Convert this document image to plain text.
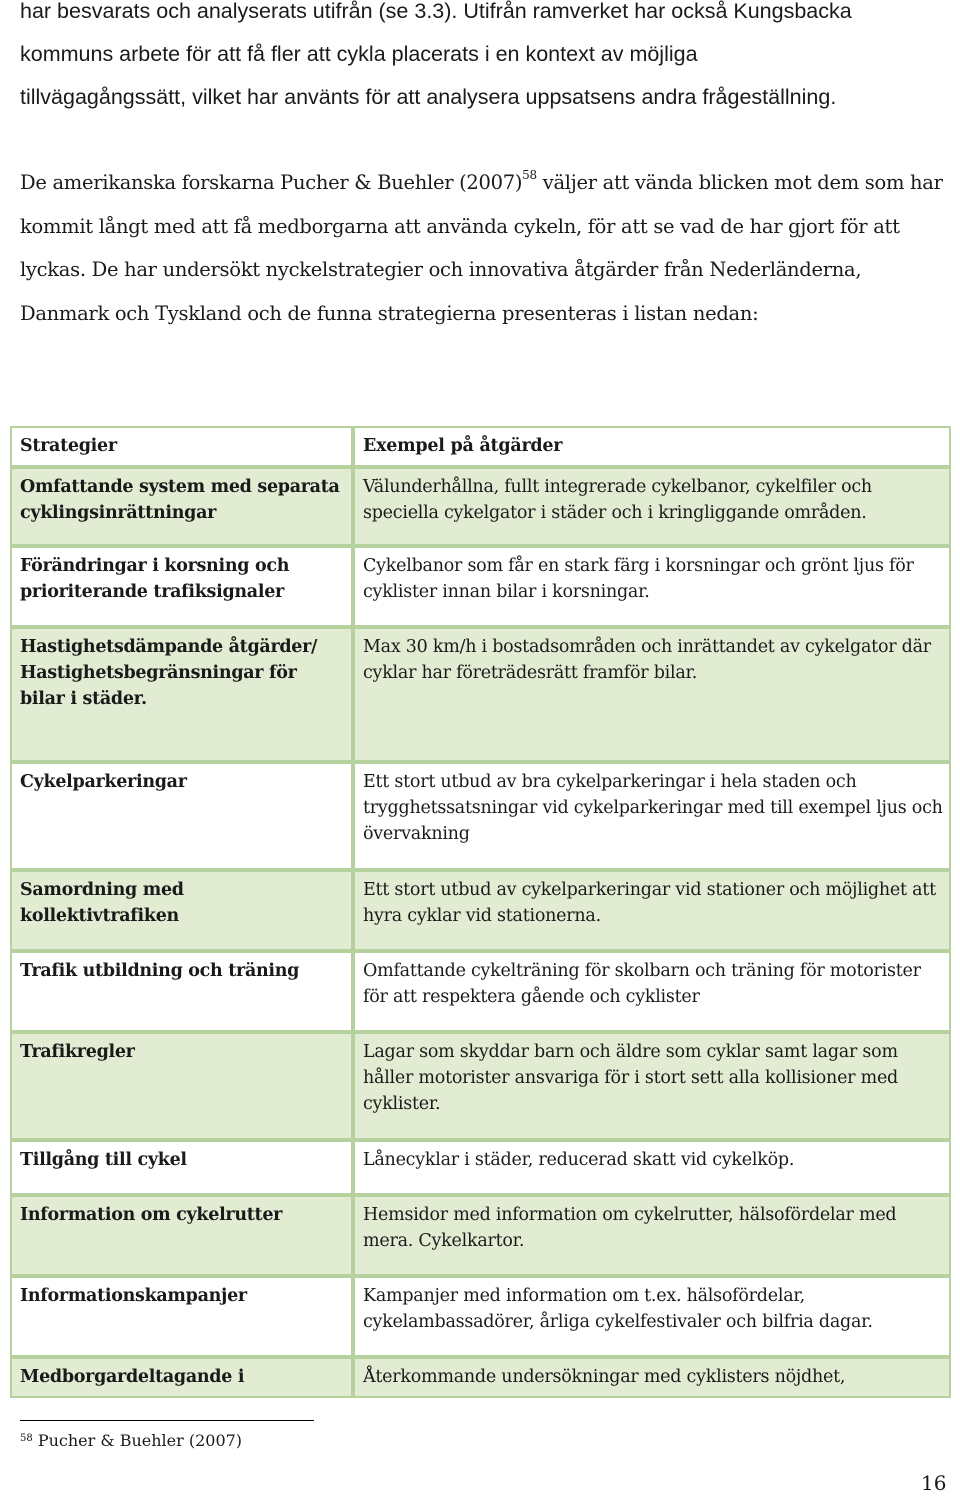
har besvarats och analyserats utifrån (se 3.3). Utifrån ramverket har också Kungsbacka

kommuns arbete för att få fler att cykla placerats i en kontext av möjliga

tillvägagångssätt, vilket har använts för att analysera uppsatsens andra frågeställning.

De amerikanska forskarna Pucher & Buehler $(2007)^{58}$ väljer att vända blicken mot dem som har kommit långt med att få medborgarna att använda cykeln, för att se vad de har gjort för att lyckas. De har undersökt nyckelstrategier och innovativa åtgärder från Nederländerna, Danmark och Tyskland och de funna strategierna presenteras i listan nedan:

Strategier	Exempel på åtgärder
Omfattande system med separata cyklingsinrättningar	Välunderhållna, fullt integrerade cykelbanor, cykelfiler och speciella cykelgator i städer och i kringliggande områden.
Förändringar i korsning och prioriterande trafiksignaler	Cykelbanor som får en stark färg i korsningar och grönt ljus för cyklister innan bilar i korsningar.
Hastighetsdämpande åtgärder/ Hastighetsbegränsningar för bilar i städer.	Max 30 km/h i bostadsområden och inrättandet av cykelgator där cyklar har företrädesrätt framför bilar.
Cykelparkeringar	Ett stort utbud av bra cykelparkeringar i hela staden och trygghetssatsningar vid cykelparkeringar med till exempel ljus och övervakning
Samordning med kollektivtrafiken	Ett stort utbud av cykelparkeringar vid stationer och möjlighet att hyra cyklar vid stationerna.
Trafik utbildning och träning	Omfattande cykelträning för skolbarn och träning för motorister för att respektera gående och cyklister
Trafikregler	Lagar som skyddar barn och äldre som cyklar samt lagar som håller motorister ansvariga för i stort sett alla kollisioner med cyklister.
Tillgång till cykel	Lånecyklar i städer, reducerad skatt vid cykelköp.
Information om cykelrutter	Hemsidor med information om cykelrutter, hälsofördelar med mera. Cykelkartor.
Informationskampanjer	Kampanjer med information om t.ex. hälsofördelar, cykelambassadörer, årliga cykelfestivaler och bilfria dagar.
Medborgardeltagande i	Återkommande undersökningar med cyklisters nöjdhet,
$^{58}$ Pucher & Buehler (2007)
16
